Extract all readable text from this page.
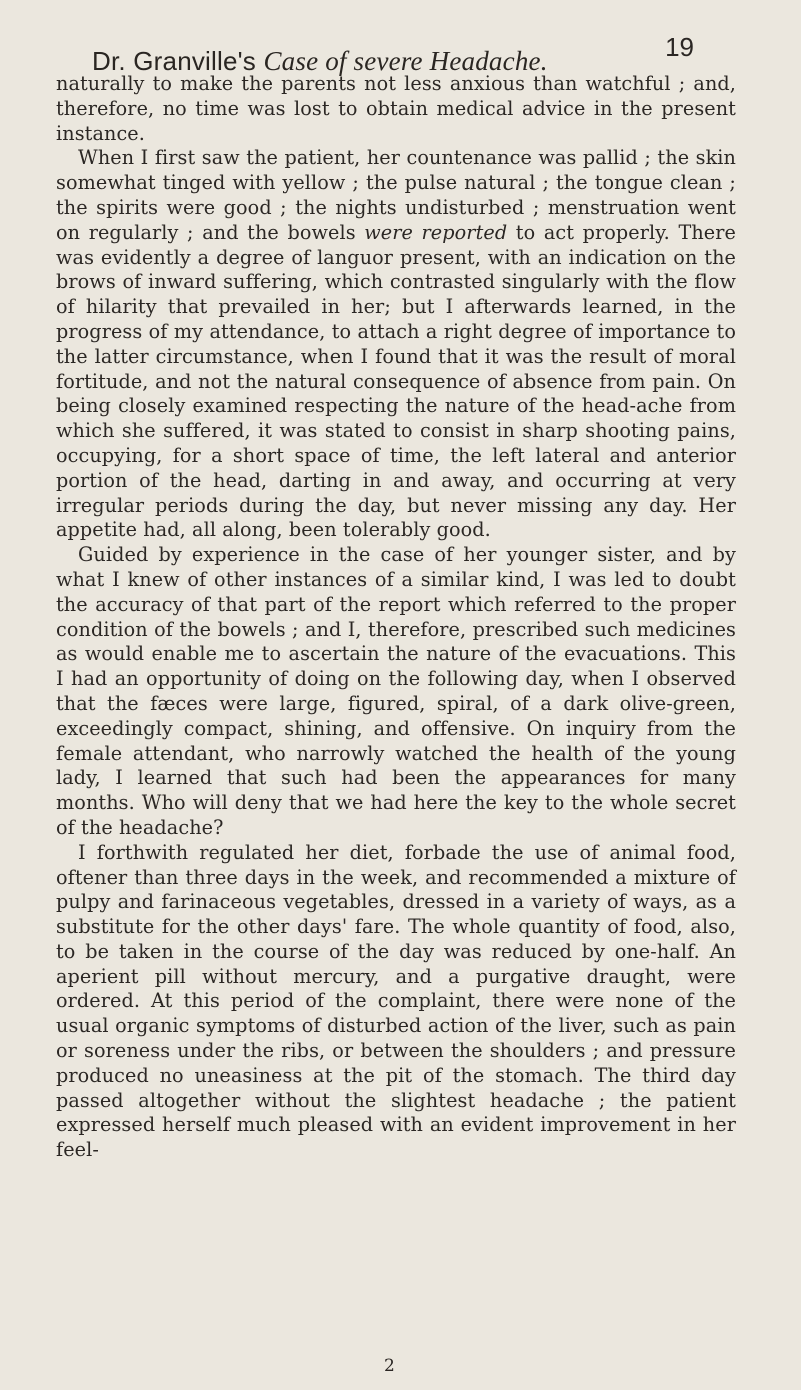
Dr. Granville's Case of severe Headache.	19

naturally to make the parents not less anxious than watchful ; and, therefore, no time was lost to obtain medical advice in the present instance.

When I first saw the patient, her countenance was pallid ; the skin somewhat tinged with yellow ; the pulse natural ; the tongue clean ; the spirits were good ; the nights undisturbed ; menstruation went on regularly ; and the bowels were reported to act properly. There was evidently a degree of languor present, with an indication on the brows of inward suffering, which contrasted singularly with the flow of hilarity that prevailed in her; but I afterwards learned, in the progress of my attendance, to attach a right degree of importance to the latter circumstance, when I found that it was the result of moral fortitude, and not the natural consequence of absence from pain. On being closely examined respecting the nature of the head-ache from which she suffered, it was stated to consist in sharp shooting pains, occupying, for a short space of time, the left lateral and anterior portion of the head, darting in and away, and occurring at very irregular periods during the day, but never missing any day. Her appetite had, all along, been tolerably good.

Guided by experience in the case of her younger sister, and by what I knew of other instances of a similar kind, I was led to doubt the accuracy of that part of the report which referred to the proper condition of the bowels ; and I, therefore, prescribed such medicines as would enable me to ascertain the nature of the evacuations. This I had an opportunity of doing on the following day, when I observed that the fæces were large, figured, spiral, of a dark olive-green, exceedingly compact, shining, and offensive. On inquiry from the female attendant, who narrowly watched the health of the young lady, I learned that such had been the appearances for many months. Who will deny that we had here the key to the whole secret of the headache?

I forthwith regulated her diet, forbade the use of animal food, oftener than three days in the week, and recommended a mixture of pulpy and farinaceous vegetables, dressed in a variety of ways, as a substitute for the other days' fare. The whole quantity of food, also, to be taken in the course of the day was reduced by one-half. An aperient pill without mercury, and a purgative draught, were ordered. At this period of the complaint, there were none of the usual organic symptoms of disturbed action of the liver, such as pain or soreness under the ribs, or between the shoulders ; and pressure produced no uneasiness at the pit of the stomach. The third day passed altogether without the slightest headache ; the patient expressed herself much pleased with an evident improvement in her feel-

2
